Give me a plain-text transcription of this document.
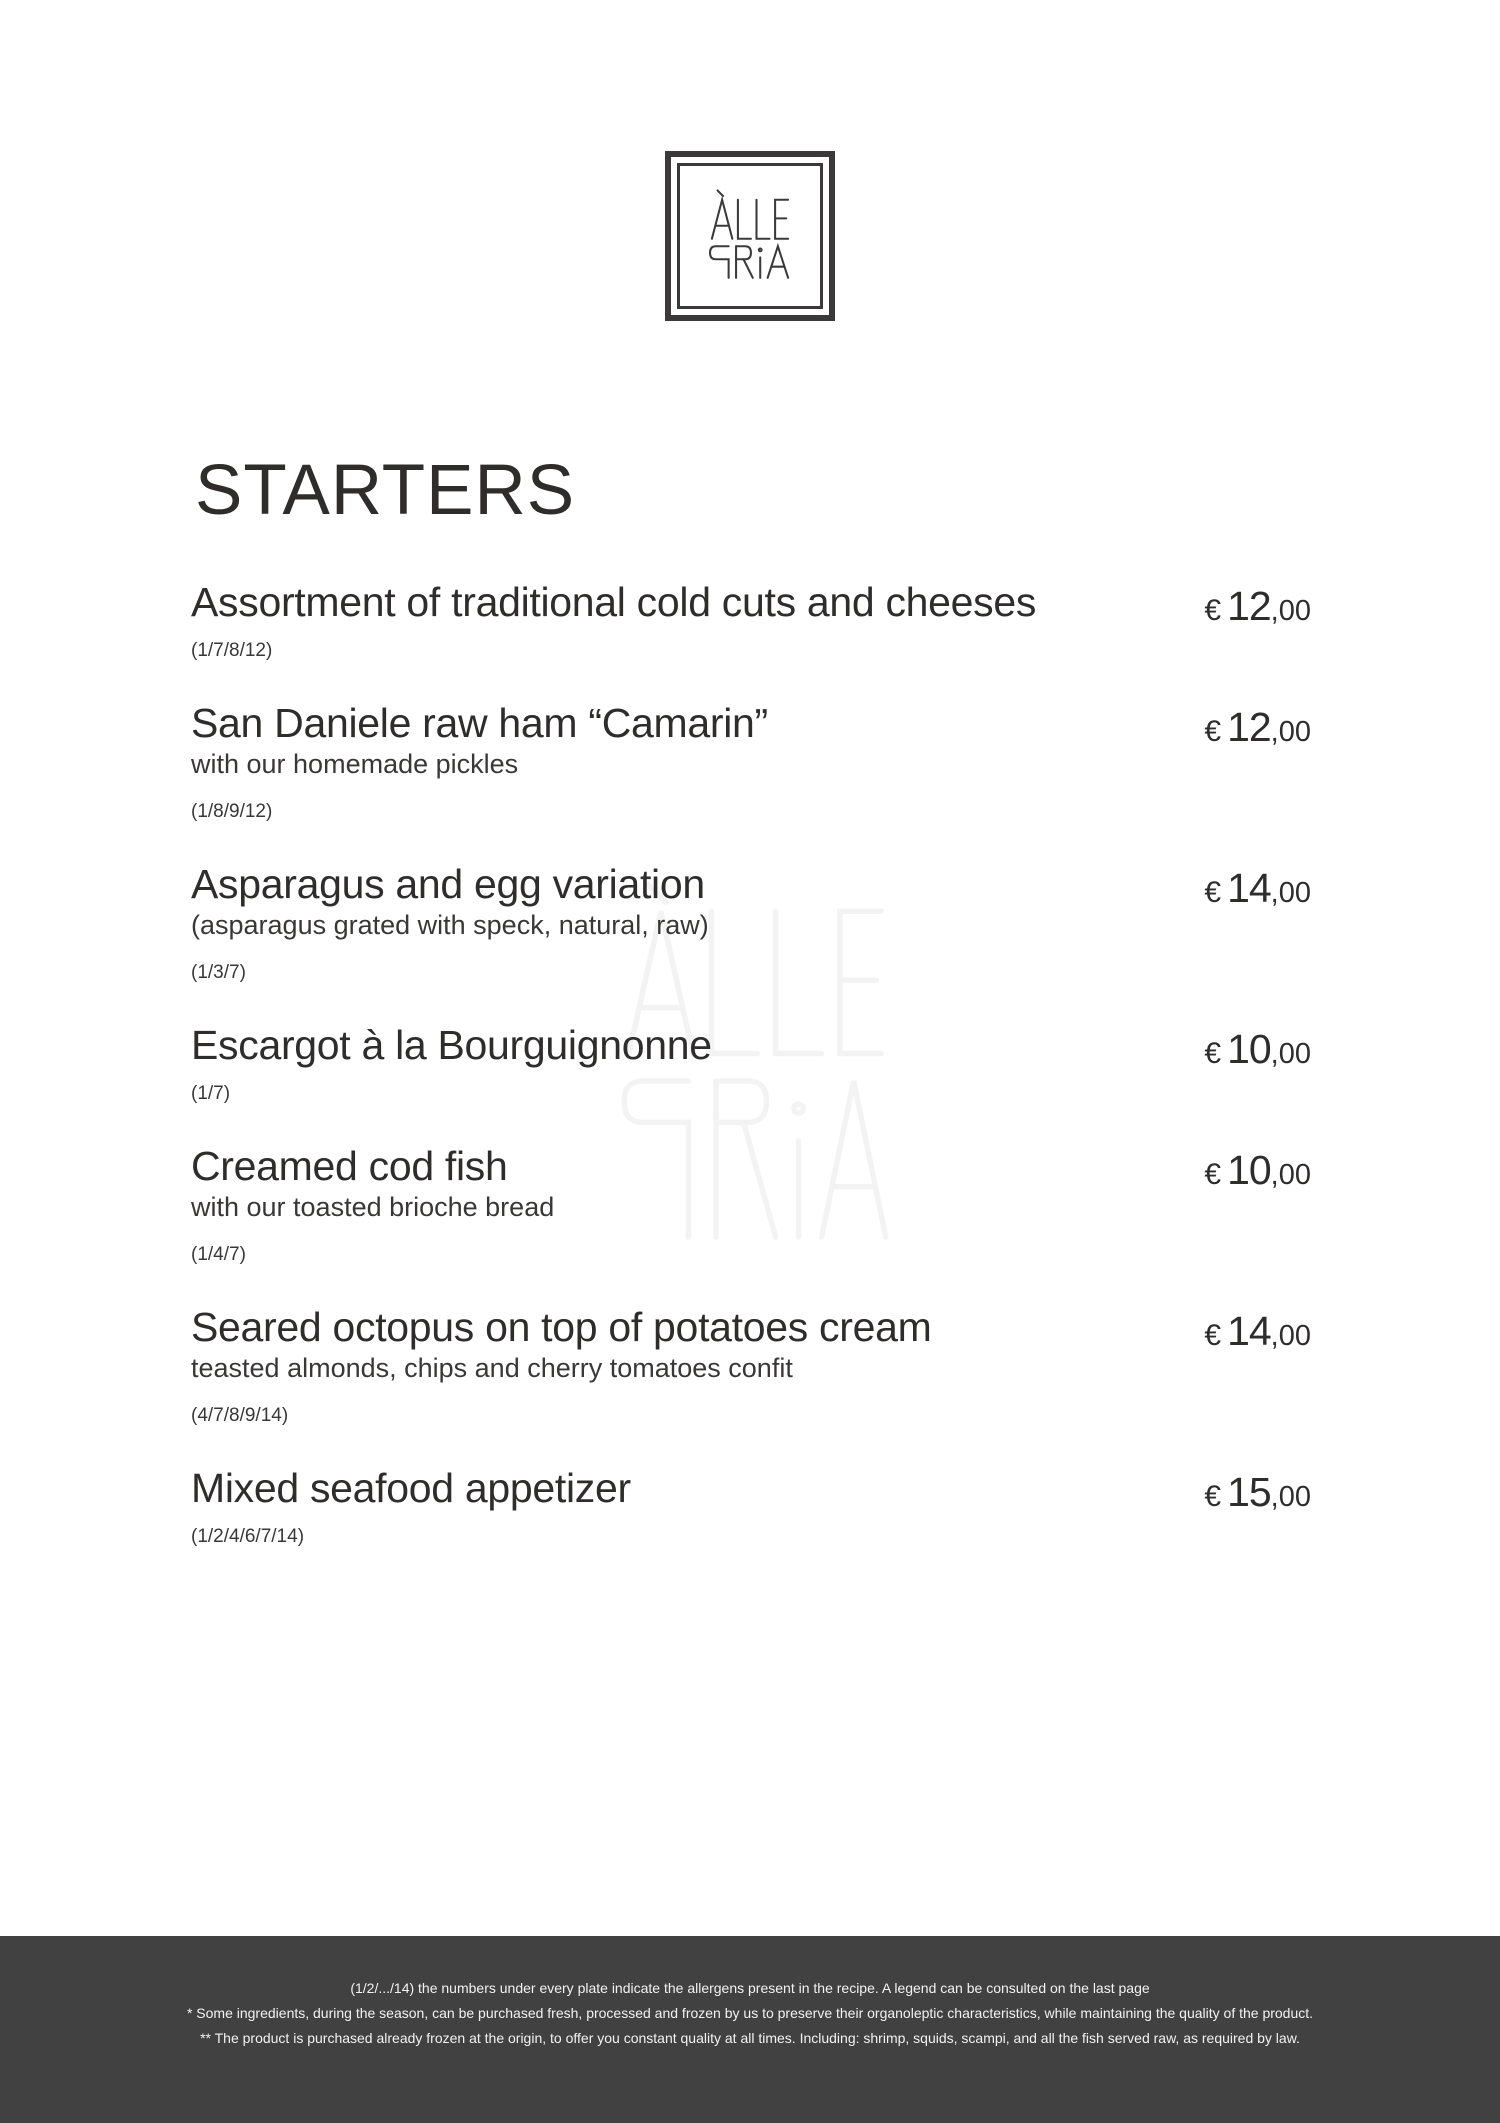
STARTERS
Assortment of traditional cold cuts and cheeses
(1/7/8/12)
€ 12,00
San Daniele raw ham “Camarin”
with our homemade pickles
(1/8/9/12)
€ 12,00
Asparagus and egg variation
(asparagus grated with speck, natural, raw)
(1/3/7)
€ 14,00
Escargot à la Bourguignonne
(1/7)
€ 10,00
Creamed cod fish
with our toasted brioche bread
(1/4/7)
€ 10,00
Seared octopus on top of potatoes cream
teasted almonds, chips and cherry tomatoes confit
(4/7/8/9/14)
€ 14,00
Mixed seafood appetizer
(1/2/4/6/7/14)
€ 15,00
(1/2/.../14) the numbers under every plate indicate the allergens present in the recipe. A legend can be consulted on the last page
* Some ingredients, during the season, can be purchased fresh, processed and frozen by us to preserve their organoleptic characteristics, while maintaining the quality of the product.
** The product is purchased already frozen at the origin, to offer you constant quality at all times. Including: shrimp, squids, scampi, and all the fish served raw, as required by law.
